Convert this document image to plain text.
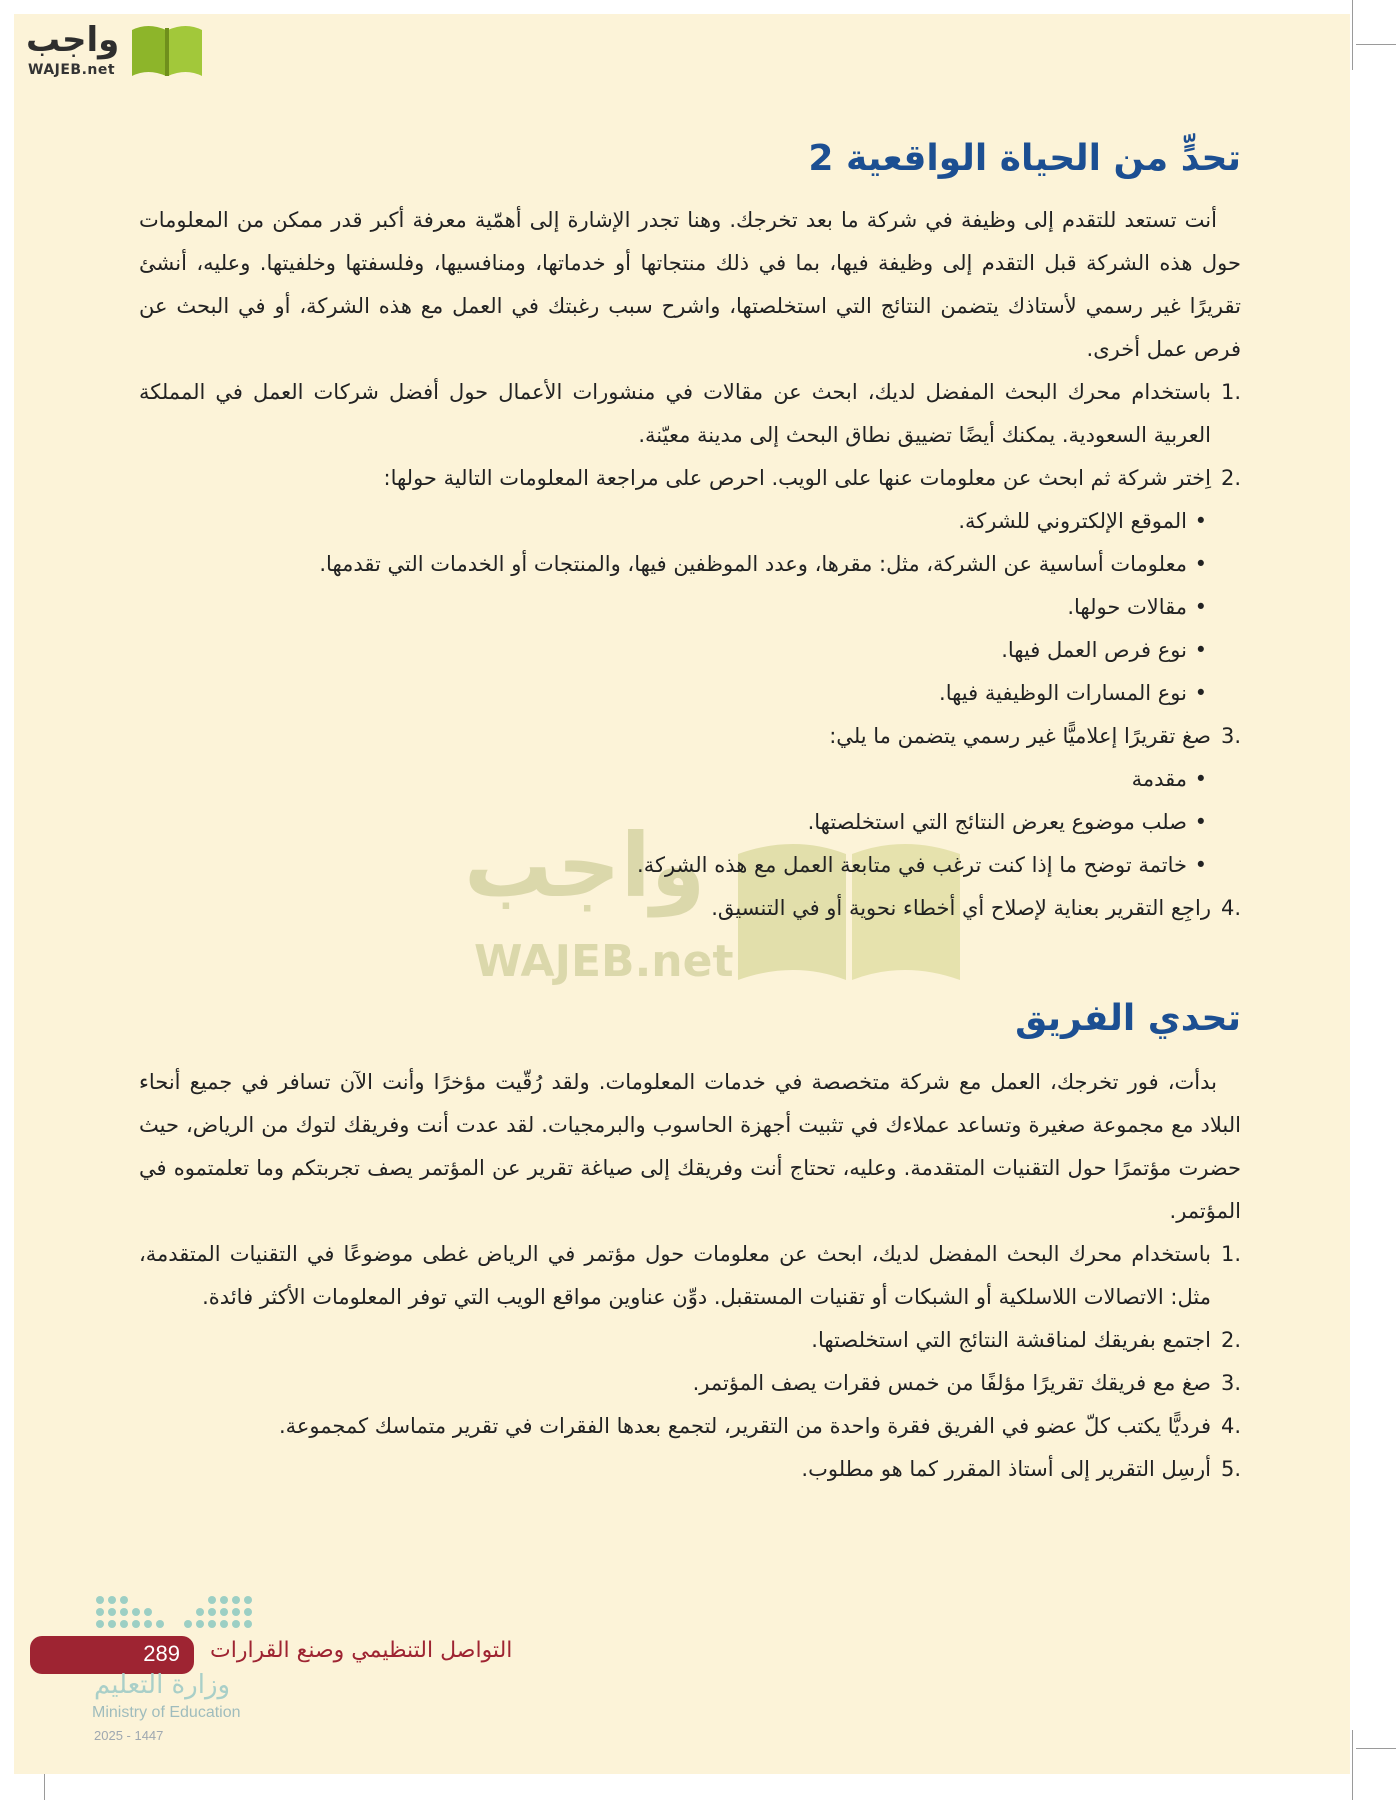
واجب
WAJEB.net
واجب
WAJEB.net
تحدٍّ من الحياة الواقعية 2

أنت تستعد للتقدم إلى وظيفة في شركة ما بعد تخرجك. وهنا تجدر الإشارة إلى أهمّية معرفة أكبر قدر ممكن من المعلومات حول هذه الشركة قبل التقدم إلى وظيفة فيها، بما في ذلك منتجاتها أو خدماتها، ومنافسيها، وفلسفتها وخلفيتها. وعليه، أنشئ تقريرًا غير رسمي لأستاذك يتضمن النتائج التي استخلصتها، واشرح سبب رغبتك في العمل مع هذه الشركة، أو في البحث عن فرص عمل أخرى.

1.
باستخدام محرك البحث المفضل لديك، ابحث عن مقالات في منشورات الأعمال حول أفضل شركات العمل في المملكة العربية السعودية. يمكنك أيضًا تضييق نطاق البحث إلى مدينة معيّنة.
2.
اِختر شركة ثم ابحث عن معلومات عنها على الويب. احرص على مراجعة المعلومات التالية حولها:
• الموقع الإلكتروني للشركة.
• معلومات أساسية عن الشركة، مثل: مقرها، وعدد الموظفين فيها، والمنتجات أو الخدمات التي تقدمها.
• مقالات حولها.
• نوع فرص العمل فيها.
• نوع المسارات الوظيفية فيها.
3.
صغ تقريرًا إعلاميًّا غير رسمي يتضمن ما يلي:
• مقدمة
• صلب موضوع يعرض النتائج التي استخلصتها.
• خاتمة توضح ما إذا كنت ترغب في متابعة العمل مع هذه الشركة.
4.
راجِع التقرير بعناية لإصلاح أي أخطاء نحوية أو في التنسيق.
تحدي الفريق

بدأت، فور تخرجك، العمل مع شركة متخصصة في خدمات المعلومات. ولقد رُقّيت مؤخرًا وأنت الآن تسافر في جميع أنحاء البلاد مع مجموعة صغيرة وتساعد عملاءك في تثبيت أجهزة الحاسوب والبرمجيات. لقد عدت أنت وفريقك لتوك من الرياض، حيث حضرت مؤتمرًا حول التقنيات المتقدمة. وعليه، تحتاج أنت وفريقك إلى صياغة تقرير عن المؤتمر يصف تجربتكم وما تعلمتموه في المؤتمر.

1.
باستخدام محرك البحث المفضل لديك، ابحث عن معلومات حول مؤتمر في الرياض غطى موضوعًا في التقنيات المتقدمة، مثل: الاتصالات اللاسلكية أو الشبكات أو تقنيات المستقبل. دوِّن عناوين مواقع الويب التي توفر المعلومات الأكثر فائدة.
2.
اجتمع بفريقك لمناقشة النتائج التي استخلصتها.
3.
صغ مع فريقك تقريرًا مؤلفًا من خمس فقرات يصف المؤتمر.
4.
فرديًّا يكتب كلّ عضو في الفريق فقرة واحدة من التقرير، لتجمع بعدها الفقرات في تقرير متماسك كمجموعة.
5.
أرسِل التقرير إلى أستاذ المقرر كما هو مطلوب.
289 التواصل التنظيمي وصنع القرارات
وزارة التعليم
Ministry of Education
2025 - 1447
